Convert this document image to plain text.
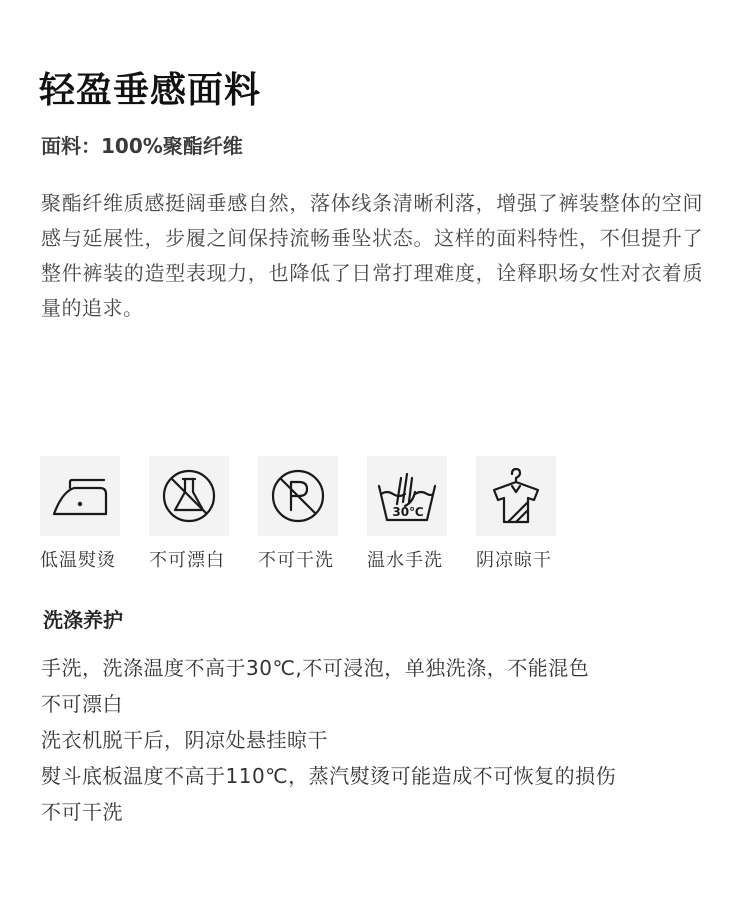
轻盈垂感面料
面料：100%聚酯纤维
聚酯纤维质感挺阔垂感自然，落体线条清晰利落，增强了裤装整体的空间感与延展性，步履之间保持流畅垂坠状态。这样的面料特性，不但提升了整件裤装的造型表现力，也降低了日常打理难度，诠释职场女性对衣着质量的追求。
低温熨烫	不可漂白	不可干洗
30℃
温水手洗	阴凉晾干
洗涤养护
手洗，洗涤温度不高于30℃,不可浸泡，单独洗涤，不能混色
不可漂白
洗衣机脱干后，阴凉处悬挂晾干
熨斗底板温度不高于110℃，蒸汽熨烫可能造成不可恢复的损伤
不可干洗
